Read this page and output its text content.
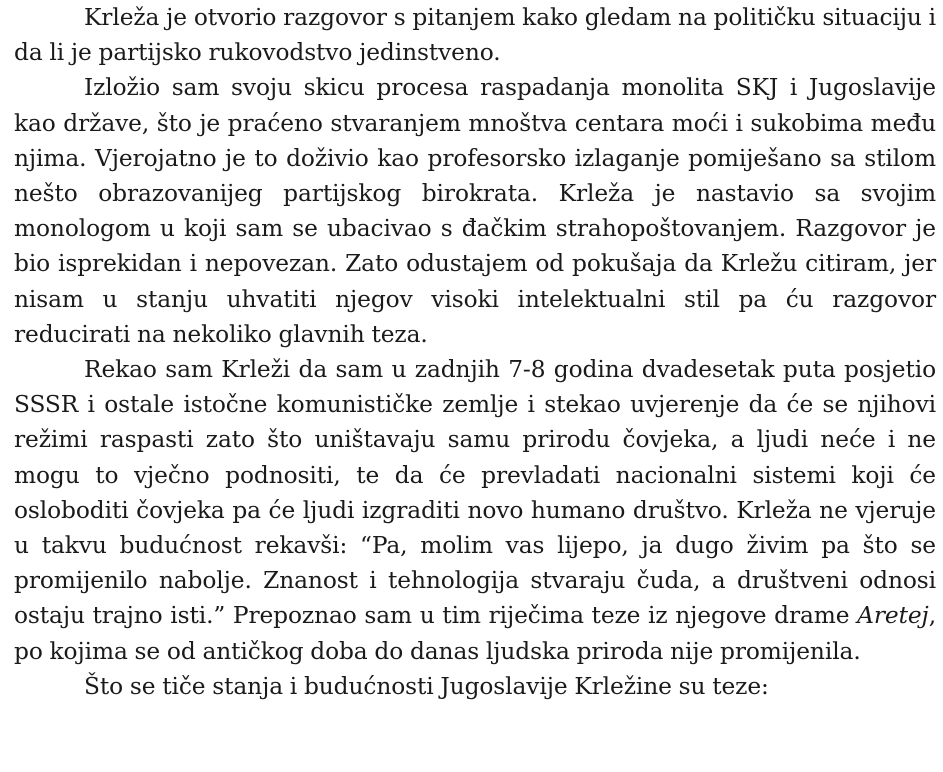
Krleža je otvorio razgovor s pitanjem kako gledam na političku situaciju i da li je partijsko rukovodstvo jedinstveno.

Izložio sam svoju skicu procesa raspadanja monolita SKJ i Jugoslavije kao države, što je praćeno stvaranjem mnoštva centara moći i sukobima među njima. Vjerojatno je to doživio kao profesorsko izlaganje pomiješano sa stilom nešto obrazovanijeg partijskog birokrata. Krleža je nastavio sa svojim monologom u koji sam se ubacivao s đačkim strahopoštovanjem. Razgovor je bio isprekidan i nepovezan. Zato odustajem od pokušaja da Krležu citiram, jer nisam u stanju uhvatiti njegov visoki intelektualni stil pa ću razgovor reducirati na nekoliko glavnih teza.

Rekao sam Krleži da sam u zadnjih 7-8 godina dvadesetak puta posjetio SSSR i ostale istočne komunističke zemlje i stekao uvjerenje da će se njihovi režimi raspasti zato što uništavaju samu prirodu čovjeka, a ljudi neće i ne mogu to vječno podnositi, te da će prevladati nacionalni sistemi koji će osloboditi čovjeka pa će ljudi izgraditi novo humano društvo. Krleža ne vjeruje u takvu budućnost rekavši: “Pa, molim vas lijepo, ja dugo živim pa što se promijenilo nabolje. Znanost i tehnologija stvaraju čuda, a društveni odnosi ostaju trajno isti.” Prepoznao sam u tim riječima teze iz njegove drame Aretej, po kojima se od antičkog doba do danas ljudska priroda nije promijenila.

Što se tiče stanja i budućnosti Jugoslavije Krležine su teze:
